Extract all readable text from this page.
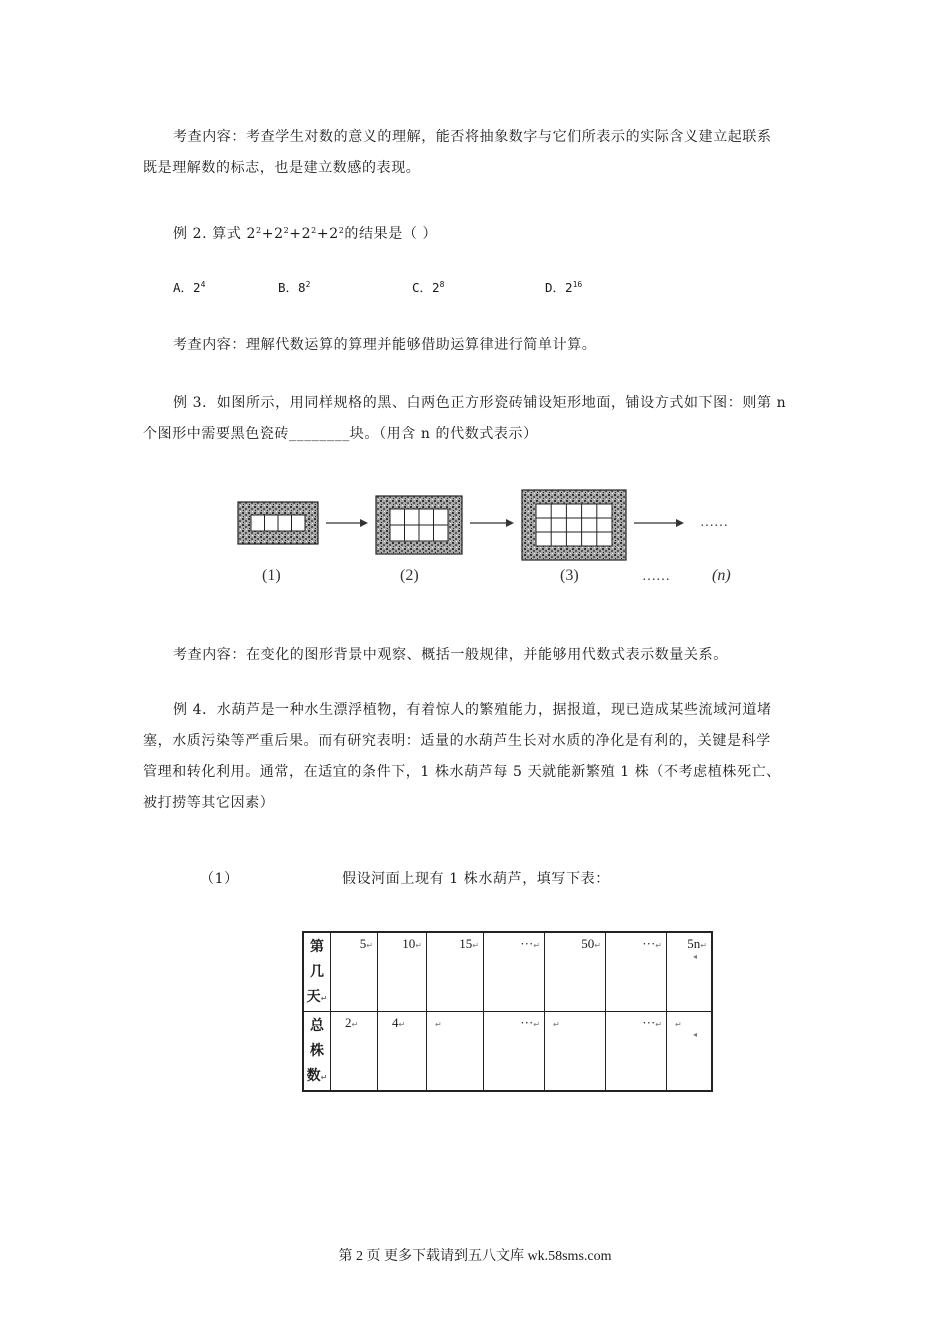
考查内容：考查学生对数的意义的理解，能否将抽象数字与它们所表示的实际含义建立起联系
既是理解数的标志，也是建立数感的表现。
例 2. 算式 $2^2+2^2+2^2+2^2$的结果是（ ）
A．$2^4$	B．$8^2$	C．$2^8$	D．$2^{16}$
考查内容：理解代数运算的算理并能够借助运算律进行简单计算。
例 3．如图所示，用同样规格的黑、白两色正方形瓷砖铺设矩形地面，铺设方式如下图：则第 n
个图形中需要黑色瓷砖________块。（用含 n 的代数式表示）
……
(1)	(2)	(3)	……	(n)
考查内容：在变化的图形背景中观察、概括一般规律，并能够用代数式表示数量关系。
例 4．水葫芦是一种水生漂浮植物，有着惊人的繁殖能力，据报道，现已造成某些流域河道堵
塞，水质污染等严重后果。而有研究表明：适量的水葫芦生长对水质的净化是有利的，关键是科学
管理和转化利用。通常，在适宜的条件下，1 株水葫芦每 5 天就能新繁殖 1 株（不考虑植株死亡、
被打捞等其它因素）
（1）	假设河面上现有 1 株水葫芦，填写下表：
第
几
天↵	5↵	10↵	15↵	···↵	50↵	···↵	5n↵

总
株
数↵	2↵	4↵	↵	···↵	↵	···↵	↵
◂
◂
第 2 页 更多下载请到五八文库 wk.58sms.com
